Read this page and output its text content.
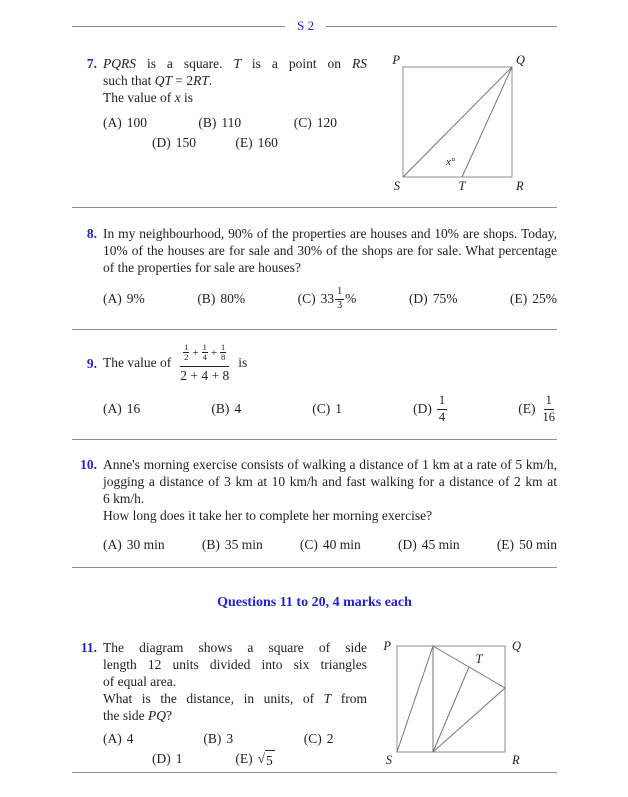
S 2
7. PQRS is a square. T is a point on RS
such that QT = 2RT.
The value of x is
(A) 100	(B) 110	(C) 120
(D) 150	(E) 160
P	Q
S	T	R
x°
8. In my neighbourhood, 90% of the properties are houses and 10% are shops. Today,
10% of the houses are for sale and 30% of the shops are for sale. What percentage
of the properties for sale are houses?
(A) 9%	(B) 80%	(C) $33 \frac{1}{3}$ %	(D) 75%	(E) 25%
9. The value of $\frac{\frac{1}{2} + \frac{1}{4} + \frac{1}{8}}{2 + 4 + 8}$ is
(A) 16	(B) 4	(C) 1	$(D) \frac{1}{4}$	$(E) \frac{1}{16}$
10. Anne's morning exercise consists of walking a distance of 1 km at a rate of 5 km/h,
jogging a distance of 3 km at 10 km/h and fast walking for a distance of 2 km at
6 km/h.
How long does it take her to complete her morning exercise?
(A) 30 min	(B) 35 min	(C) 40 min	(D) 45 min	(E) 50 min
Questions 11 to 20, 4 marks each
11. The diagram shows a square of side
length 12 units divided into six triangles
of equal area.
What is the distance, in units, of T from
the side PQ?
(A) 4	(B) 3	(C) 2
(D) 1	(E) √ 5
P	Q
S	R
T
